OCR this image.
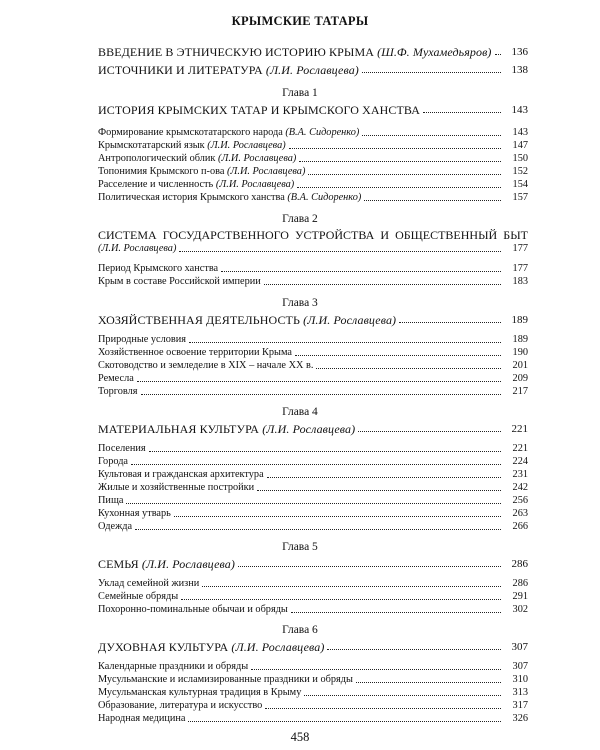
КРЫМСКИЕ ТАТАРЫ
ВВЕДЕНИЕ В ЭТНИЧЕСКУЮ ИСТОРИЮ КРЫМА (Ш.Ф. Мухамедьяров)	136
ИСТОЧНИКИ И ЛИТЕРАТУРА (Л.И. Рославцева)	138
Глава 1
ИСТОРИЯ КРЫМСКИХ ТАТАР И КРЫМСКОГО ХАНСТВА	143
Формирование крымскотатарского народа (В.А. Сидоренко)	143
Крымскотатарский язык (Л.И. Рославцева)	147
Антропологический облик (Л.И. Рославцева)	150
Топонимия Крымского п-ова (Л.И. Рославцева)	152
Расселение и численность (Л.И. Рославцева)	154
Политическая история Крымского ханства (В.А. Сидоренко)	157
Глава 2
СИСТЕМА ГОСУДАРСТВЕННОГО УСТРОЙСТВА И ОБЩЕСТВЕННЫЙ БЫТ
(Л.И. Рославцева)	177
Период Крымского ханства	177
Крым в составе Российской империи	183
Глава 3
ХОЗЯЙСТВЕННАЯ ДЕЯТЕЛЬНОСТЬ (Л.И. Рославцева)	189
Природные условия	189
Хозяйственное освоение территории Крыма	190
Скотоводство и земледелие в XIX – начале XX в.	201
Ремесла	209
Торговля	217
Глава 4
МАТЕРИАЛЬНАЯ КУЛЬТУРА (Л.И. Рославцева)	221
Поселения	221
Города	224
Культовая и гражданская архитектура	231
Жилые и хозяйственные постройки	242
Пища	256
Кухонная утварь	263
Одежда	266
Глава 5
СЕМЬЯ (Л.И. Рославцева)	286
Уклад семейной жизни	286
Семейные обряды	291
Похоронно-поминальные обычаи и обряды	302
Глава 6
ДУХОВНАЯ КУЛЬТУРА (Л.И. Рославцева)	307
Календарные праздники и обряды	307
Мусульманские и исламизированные праздники и обряды	310
Мусульманская культурная традиция в Крыму	313
Образование, литература и искусство	317
Народная медицина	326
458
